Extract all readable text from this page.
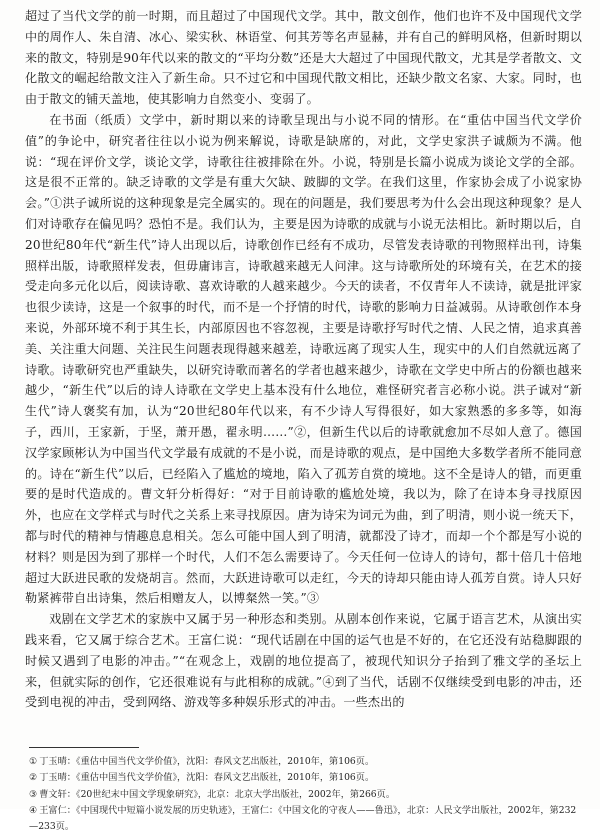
超过了当代文学的前一时期，而且超过了中国现代文学。其中，散文创作，他们也许不及中国现代文学中的周作人、朱自清、冰心、梁实秋、林语堂、何其芳等名声显赫，并有自己的鲜明风格，但新时期以来的散文，特别是90年代以来的散文的“平均分数”还是大大超过了中国现代散文，尤其是学者散文、文化散文的崛起给散文注入了新生命。只不过它和中国现代散文相比，还缺少散文名家、大家。同时，也由于散文的铺天盖地，使其影响力自然变小、变弱了。

在书面（纸质）文学中，新时期以来的诗歌呈现出与小说不同的情形。在“重估中国当代文学价值”的争论中，研究者往往以小说为例来解说，诗歌是缺席的，对此，文学史家洪子诚颇为不满。他说：“现在评价文学，谈论文学，诗歌往往被排除在外。小说，特别是长篇小说成为谈论文学的全部。这是很不正常的。缺乏诗歌的文学是有重大欠缺、跛脚的文学。在我们这里，作家协会成了小说家协会。”①洪子诚所说的这种现象是完全属实的。现在的问题是，我们要思考为什么会出现这种现象？是人们对诗歌存在偏见吗？恐怕不是。我们认为，主要是因为诗歌的成就与小说无法相比。新时期以后，自20世纪80年代“新生代”诗人出现以后，诗歌创作已经有不成功，尽管发表诗歌的刊物照样出刊，诗集照样出版，诗歌照样发表，但毋庸讳言，诗歌越来越无人问津。这与诗歌所处的环境有关，在艺术的接受走向多元化以后，阅读诗歌、喜欢诗歌的人越来越少。今天的读者，不仅青年人不读诗，就是批评家也很少读诗，这是一个叙事的时代，而不是一个抒情的时代，诗歌的影响力日益减弱。从诗歌创作本身来说，外部环境不利于其生长，内部原因也不容忽视，主要是诗歌抒写时代之情、人民之情，追求真善美、关注重大问题、关注民生问题表现得越来越差，诗歌远离了现实人生，现实中的人们自然就远离了诗歌。诗歌研究也严重缺失，以研究诗歌而著名的学者也越来越少，诗歌在文学史中所占的份额也越来越少，“新生代”以后的诗人诗歌在文学史上基本没有什么地位，难怪研究者言必称小说。洪子诚对“新生代”诗人褒奖有加，认为“20世纪80年代以来，有不少诗人写得很好，如大家熟悉的多多等，如海子，西川，王家新，于坚，萧开愚，翟永明……”②，但新生代以后的诗歌就愈加不尽如人意了。德国汉学家顾彬认为中国当代文学最有成就的不是小说，而是诗歌的观点，是中国绝大多数学者所不能同意的。诗在“新生代”以后，已经陷入了尴尬的境地，陷入了孤芳自赏的境地。这不全是诗人的错，而更重要的是时代造成的。曹文轩分析得好：“对于目前诗歌的尴尬处境，我以为，除了在诗本身寻找原因外，也应在文学样式与时代之关系上来寻找原因。唐为诗宋为词元为曲，到了明清，则小说一统天下，都与时代的精神与情趣息息相关。怎么可能中国人到了明清，就都没了诗才，而却一个个都是写小说的材料？则是因为到了那样一个时代，人们不怎么需要诗了。今天任何一位诗人的诗句，都十倍几十倍地超过大跃进民歌的发烧胡言。然而，大跃进诗歌可以走红，今天的诗却只能由诗人孤芳自赏。诗人只好勒紧裤带自出诗集，然后相赠友人，以博粲然一笑。”③

戏剧在文学艺术的家族中又属于另一种形态和类别。从剧本创作来说，它属于语言艺术，从演出实践来看，它又属于综合艺术。王富仁说：“现代话剧在中国的运气也是不好的，在它还没有站稳脚跟的时候又遇到了电影的冲击。”“在观念上，戏剧的地位提高了，被现代知识分子抬到了雅文学的圣坛上来，但就实际的创作，它还很难说有与此相称的成就。”④到了当代，话剧不仅继续受到电影的冲击，还受到电视的冲击，受到网络、游戏等多种娱乐形式的冲击。一些杰出的

① 丁玉晴：《重估中国当代文学价值》，沈阳：春风文艺出版社，2010年，第106页。

② 丁玉晴：《重估中国当代文学价值》，沈阳：春风文艺出版社，2010年，第106页。

③ 曹文轩：《20世纪末中国文学现象研究》，北京：北京大学出版社，2002年，第266页。

④ 王富仁：《中国现代中短篇小说发展的历史轨迹》，王富仁：《中国文化的守夜人——鲁迅》，北京：人民文学出版社，2002年，第232—233页。
